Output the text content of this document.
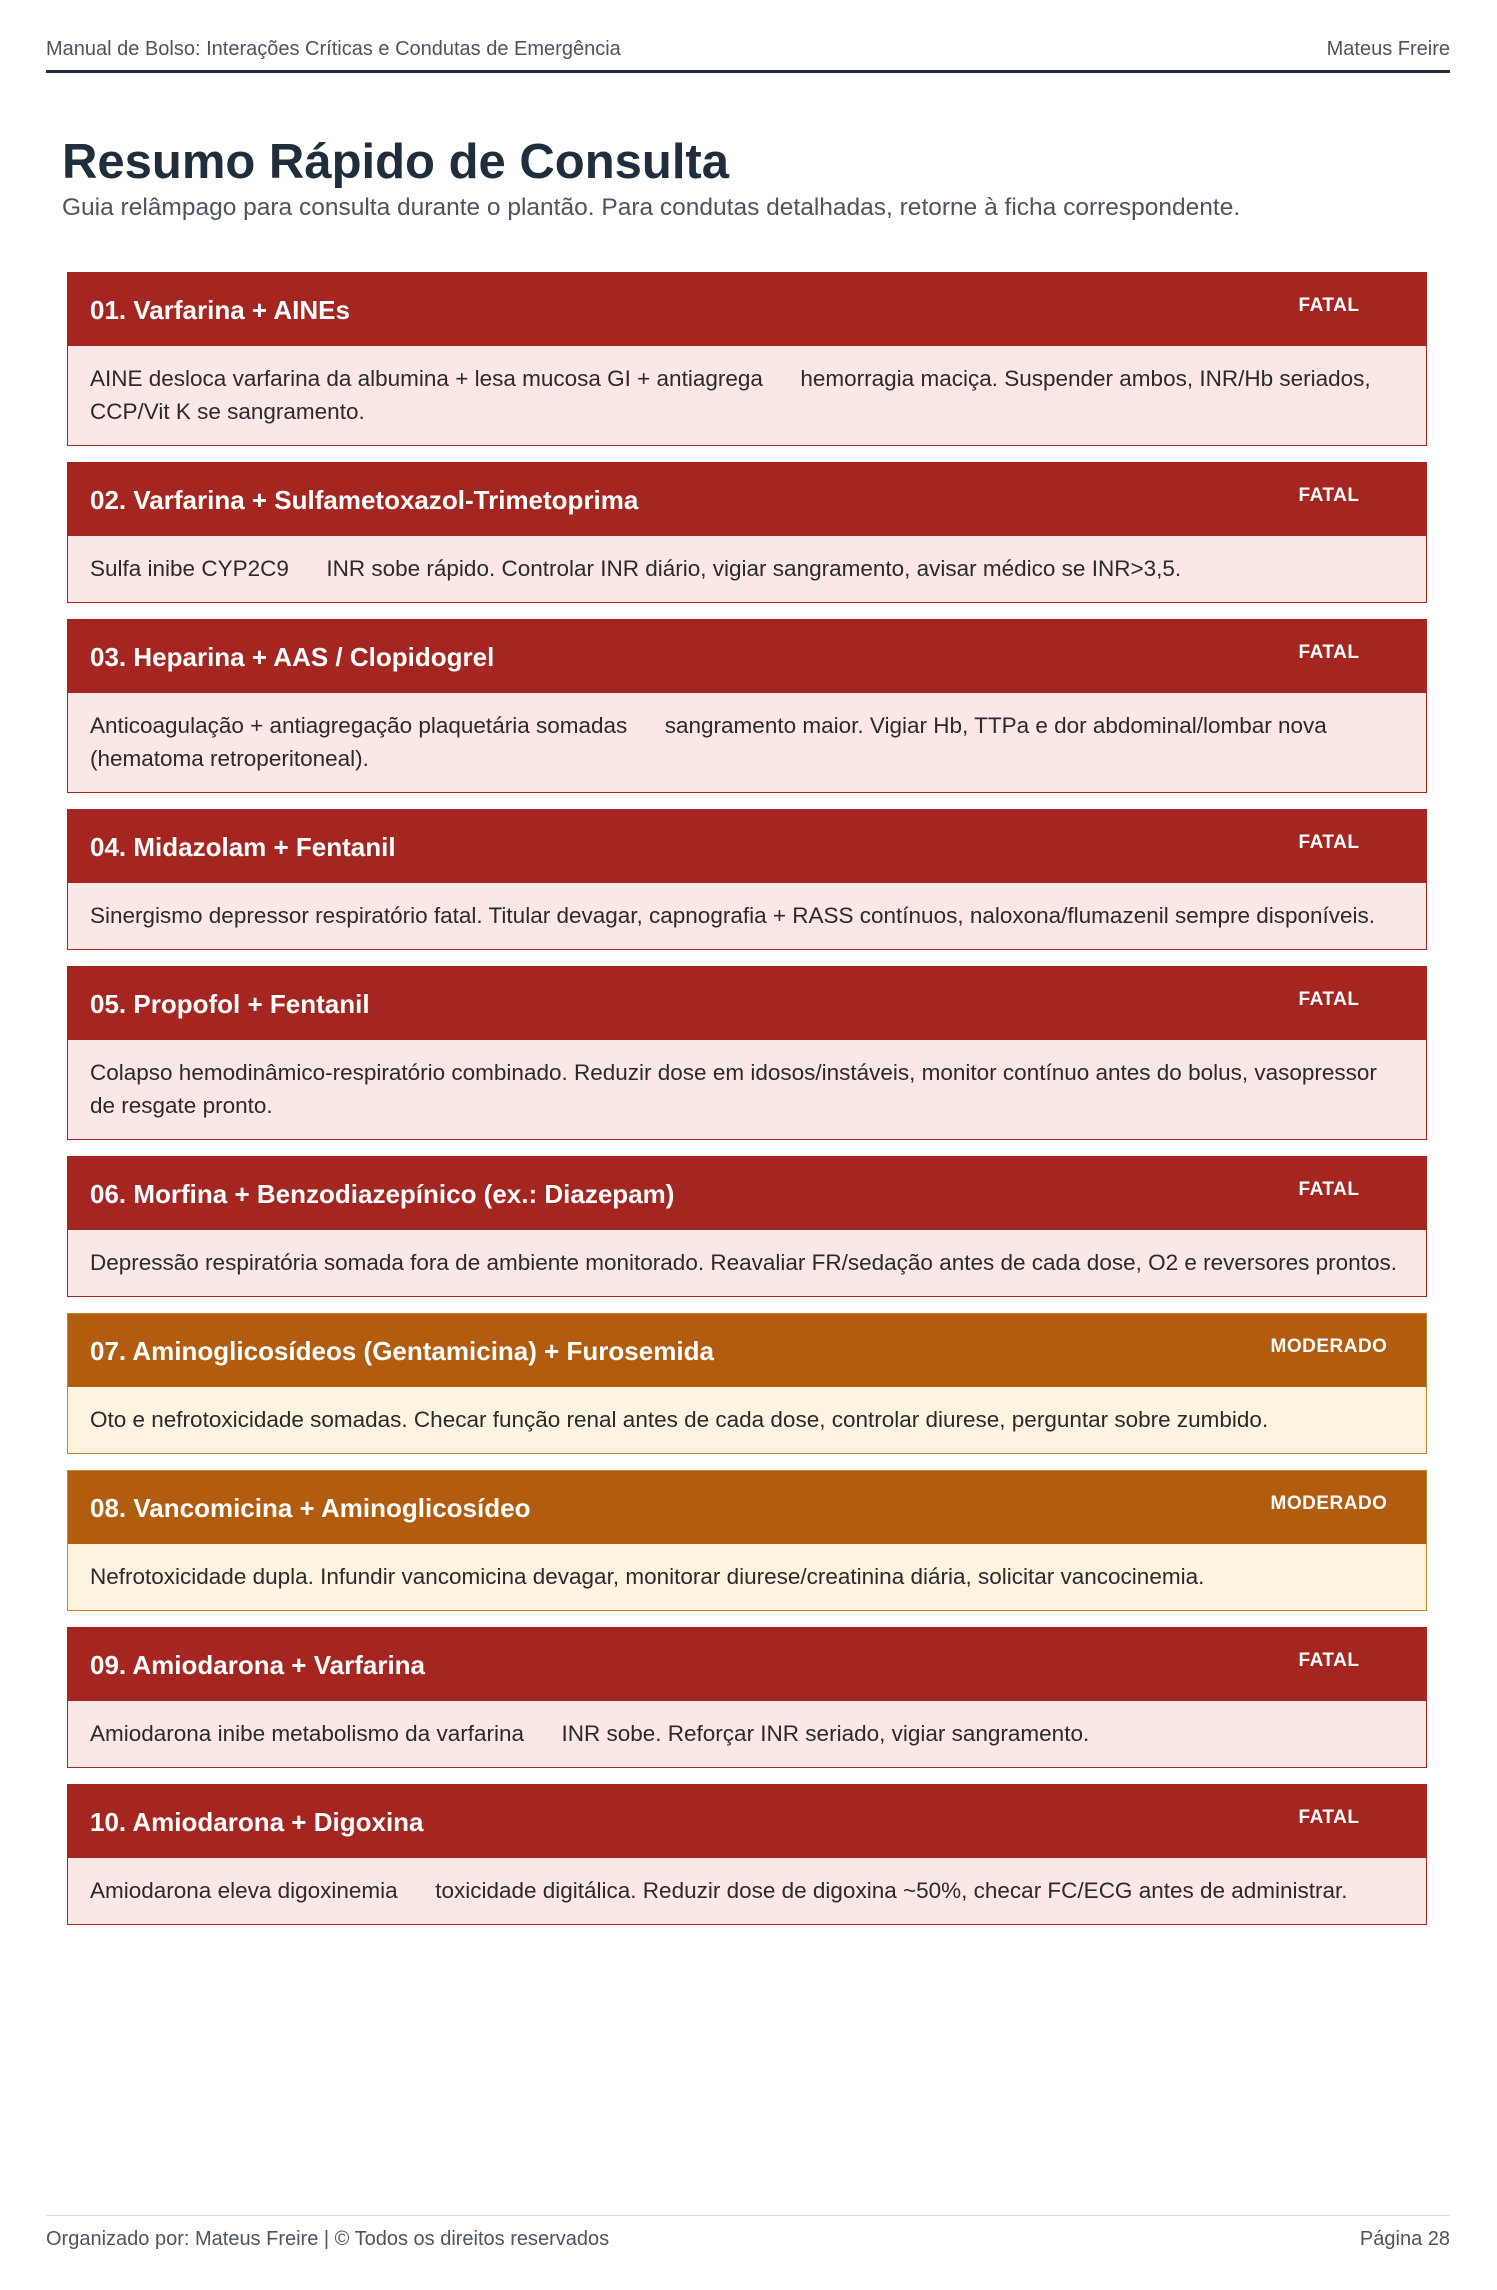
Manual de Bolso: Interações Críticas e Condutas de Emergência	Mateus Freire
Resumo Rápido de Consulta

Guia relâmpago para consulta durante o plantão. Para condutas detalhadas, retorne à ficha correspondente.

01. Varfarina + AINEs	FATAL
AINE desloca varfarina da albumina + lesa mucosa GI + antiagrega      hemorragia maciça. Suspender ambos, INR/Hb seriados, CCP/Vit K se sangramento.
02. Varfarina + Sulfametoxazol-Trimetoprima	FATAL
Sulfa inibe CYP2C9      INR sobe rápido. Controlar INR diário, vigiar sangramento, avisar médico se INR>3,5.
03. Heparina + AAS / Clopidogrel	FATAL
Anticoagulação + antiagregação plaquetária somadas      sangramento maior. Vigiar Hb, TTPa e dor abdominal/lombar nova (hematoma retroperitoneal).
04. Midazolam + Fentanil	FATAL
Sinergismo depressor respiratório fatal. Titular devagar, capnografia + RASS contínuos, naloxona/flumazenil sempre disponíveis.
05. Propofol + Fentanil	FATAL
Colapso hemodinâmico-respiratório combinado. Reduzir dose em idosos/instáveis, monitor contínuo antes do bolus, vasopressor de resgate pronto.
06. Morfina + Benzodiazepínico (ex.: Diazepam)	FATAL
Depressão respiratória somada fora de ambiente monitorado. Reavaliar FR/sedação antes de cada dose, O2 e reversores prontos.
07. Aminoglicosídeos (Gentamicina) + Furosemida	MODERADO
Oto e nefrotoxicidade somadas. Checar função renal antes de cada dose, controlar diurese, perguntar sobre zumbido.
08. Vancomicina + Aminoglicosídeo	MODERADO
Nefrotoxicidade dupla. Infundir vancomicina devagar, monitorar diurese/creatinina diária, solicitar vancocinemia.
09. Amiodarona + Varfarina	FATAL
Amiodarona inibe metabolismo da varfarina      INR sobe. Reforçar INR seriado, vigiar sangramento.
10. Amiodarona + Digoxina	FATAL
Amiodarona eleva digoxinemia      toxicidade digitálica. Reduzir dose de digoxina ~50%, checar FC/ECG antes de administrar.
Organizado por: Mateus Freire | © Todos os direitos reservados	Página 28
